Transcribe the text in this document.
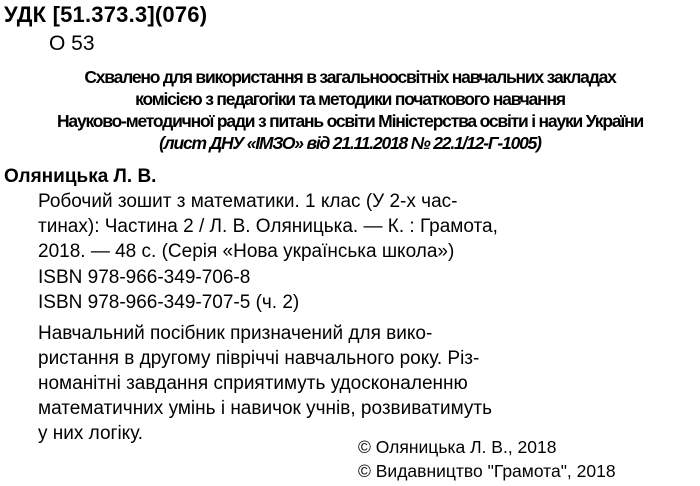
УДК [51.373.3](076)
О 53
Схвалено для використання в загальноосвітніх навчальних закладах
комісією з педагогіки та методики початкового навчання
Науково-методичної ради з питань освіти Міністерства освіти і науки України
(лист ДНУ «ІМЗО» від 21.11.2018 № 22.1/12-Г-1005)
Оляницька Л. В.
Робочий зошит з математики. 1 клас (У 2-х час-
тинах): Частина 2 / Л. В. Оляницька. — К. : Грамота,
2018. — 48 с. (Серія «Нова українська школа»)
ISBN 978-966-349-706-8
ISBN 978-966-349-707-5 (ч. 2)
Навчальний посібник призначений для вико-
ристання в другому півріччі навчального року. Різ-
номанітні завдання сприятимуть удосконаленню
математичних умінь і навичок учнів, розвиватимуть
у них логіку.
© Оляницька Л. В., 2018
© Видавництво "Грамота", 2018
